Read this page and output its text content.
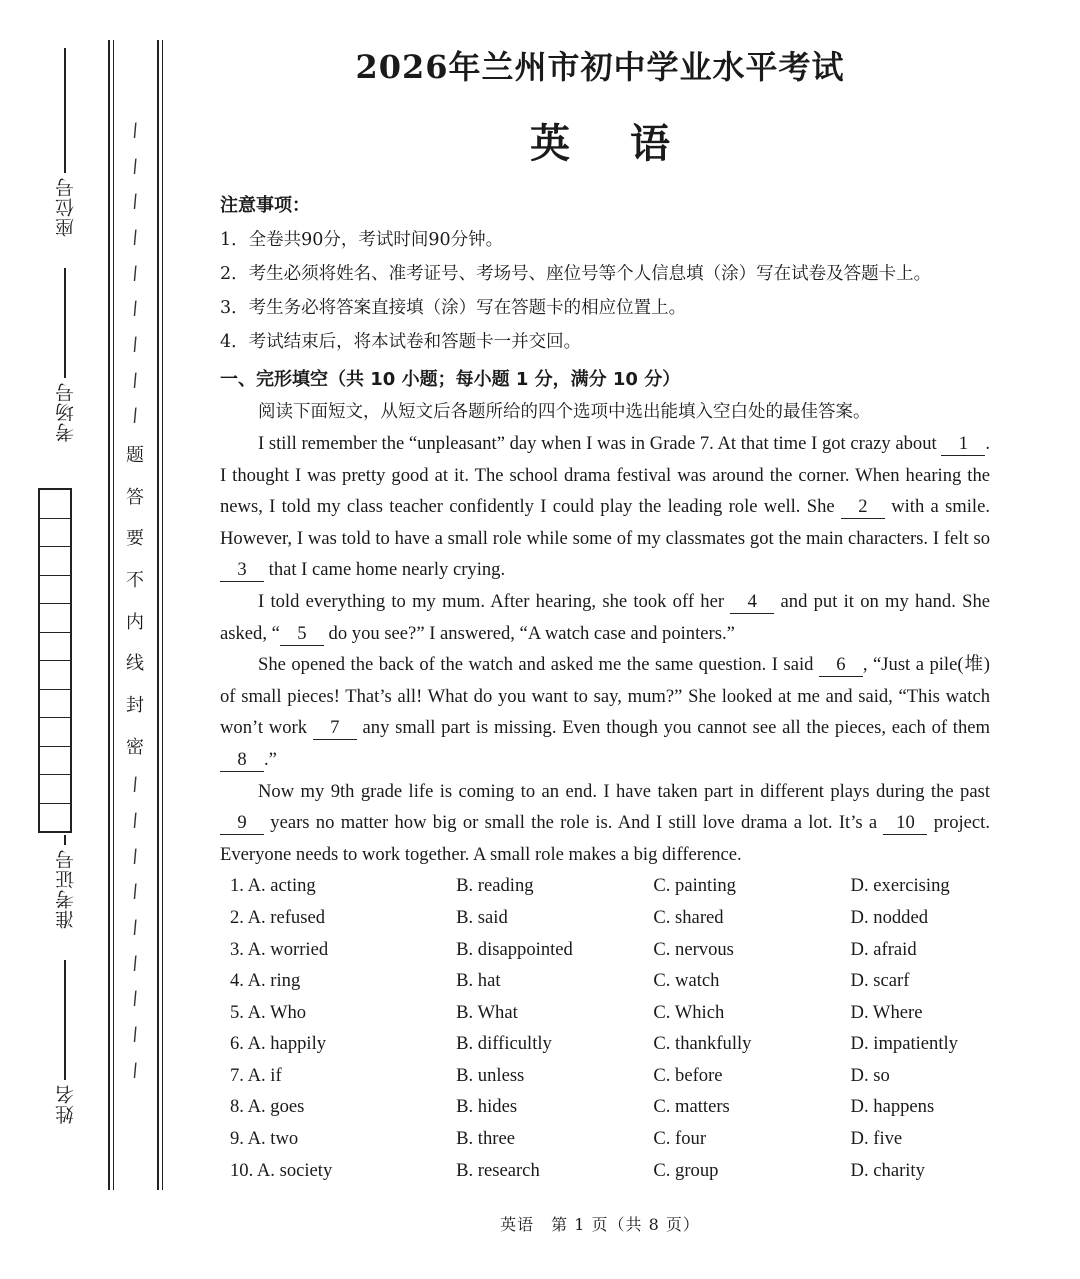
座位号
考场号
准考证号
姓名
/
/
/
/
/
/
/
/
/
题
答
要
不
内
线
封
密
/
/
/
/
/
/
/
/
/
2026年兰州市初中学业水平考试
英语
注意事项：
1．全卷共90分，考试时间90分钟。
2．考生必须将姓名、准考证号、考场号、座位号等个人信息填（涂）写在试卷及答题卡上。
3．考生务必将答案直接填（涂）写在答题卡的相应位置上。
4．考试结束后，将本试卷和答题卡一并交回。
一、完形填空（共 10 小题；每小题 1 分，满分 10 分）
阅读下面短文，从短文后各题所给的四个选项中选出能填入空白处的最佳答案。

I still remember the “unpleasant” day when I was in Grade 7. At that time I got crazy about 1 . I thought I was pretty good at it. The school drama festival was around the corner. When hearing the news, I told my class teacher confidently I could play the leading role well. She 2 with a smile. However, I was told to have a small role while some of my classmates got the main characters. I felt so 3 that I came home nearly crying.

I told everything to my mum. After hearing, she took off her 4 and put it on my hand. She asked, “ 5 do you see?” I answered, “A watch case and pointers.”

She opened the back of the watch and asked me the same question. I said 6 , “Just a pile(堆) of small pieces! That’s all! What do you want to say, mum?” She looked at me and said, “This watch won’t work 7 any small part is missing. Even though you cannot see all the pieces, each of them 8 .”

Now my 9th grade life is coming to an end. I have taken part in different plays during the past 9 years no matter how big or small the role is. And I still love drama a lot. It’s a 10 project. Everyone needs to work together. A small role makes a big difference.

1. A. acting	B. reading	C. painting	D. exercising
2. A. refused	B. said	C. shared	D. nodded
3. A. worried	B. disappointed	C. nervous	D. afraid
4. A. ring	B. hat	C. watch	D. scarf
5. A. Who	B. What	C. Which	D. Where
6. A. happily	B. difficultly	C. thankfully	D. impatiently
7. A. if	B. unless	C. before	D. so
8. A. goes	B. hides	C. matters	D. happens
9. A. two	B. three	C. four	D. five
10. A. society	B. research	C. group	D. charity
英语　第 1 页（共 8 页）
